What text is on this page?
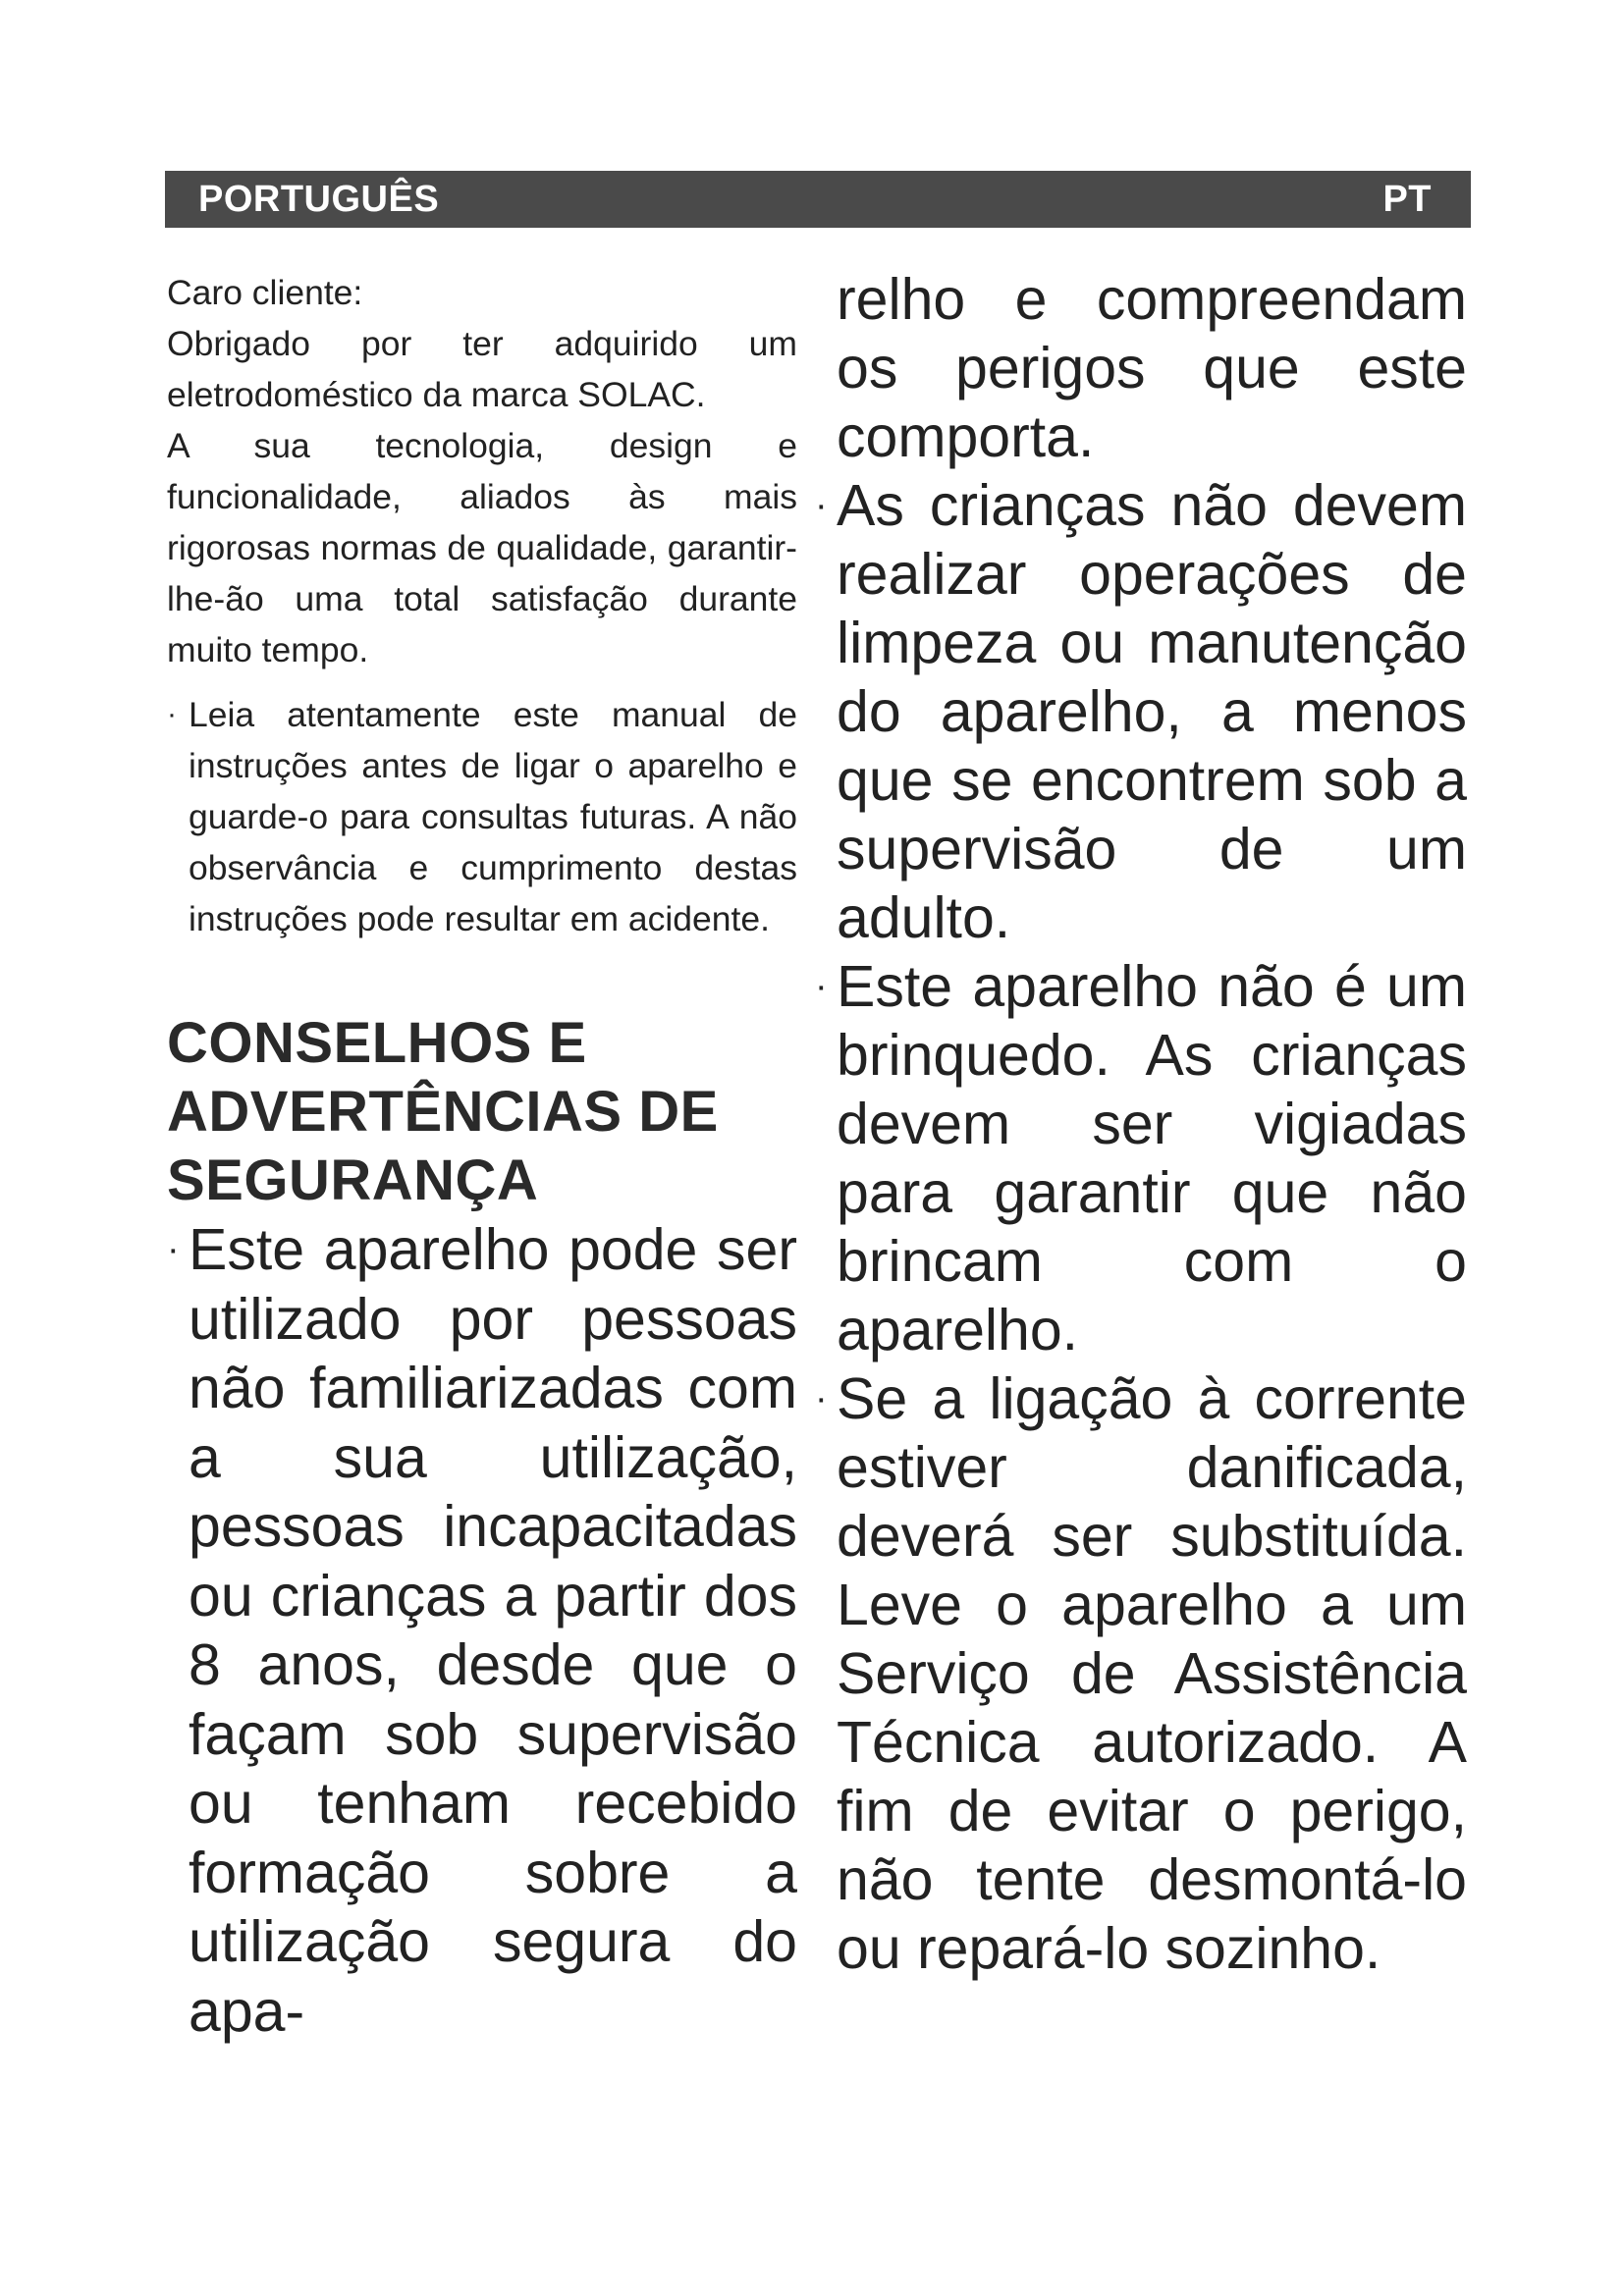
PORTUGUÊS	PT

Caro cliente:

Obrigado por ter adquirido um eletrodoméstico da marca SOLAC.

A sua tecnologia, design e funcionalidade, aliados às mais rigorosas normas de qualidade, garantir-lhe-ão uma total satisfação durante muito tempo.

· Leia atentamente este manual de instruções antes de ligar o aparelho e guarde-o para consultas futuras. A não observância e cumprimento destas instruções pode resultar em acidente.
CONSELHOS E ADVERTÊNCIAS DE SEGURANÇA
· Este aparelho pode ser utilizado por pessoas não familiarizadas com a sua utilização, pessoas incapacitadas ou crianças a partir dos 8 anos, desde que o façam sob supervisão ou tenham recebido formação sobre a utilização segura do apa-

relho e compreendam os perigos que este comporta.

· As crianças não devem realizar operações de limpeza ou manutenção do aparelho, a menos que se encontrem sob a supervisão de um adulto.
· Este aparelho não é um brinquedo. As crianças devem ser vigiadas para garantir que não brincam com o aparelho.
· Se a ligação à corrente estiver danificada, deverá ser substituída. Leve o aparelho a um Serviço de Assistência Técnica autorizado. A fim de evitar o perigo, não tente desmontá-lo ou repará-lo sozinho.
